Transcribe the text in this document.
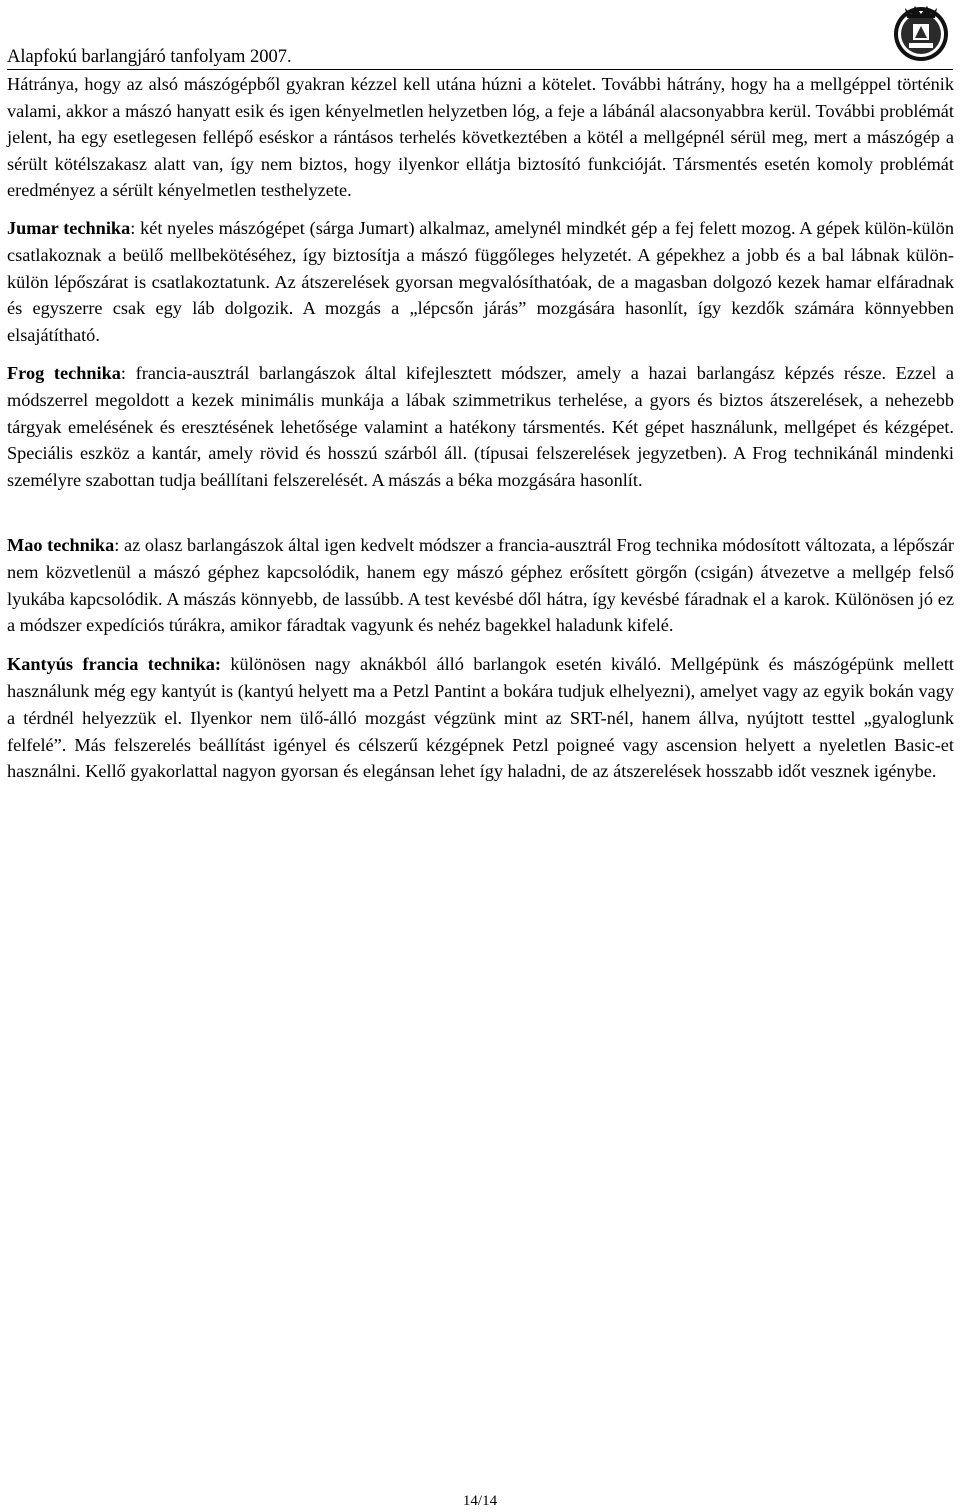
Alapfokú barlangjáró tanfolyam 2007.

Hátránya, hogy az alsó mászógépből gyakran kézzel kell utána húzni a kötelet. További hátrány, hogy ha a mellgéppel történik valami, akkor a mászó hanyatt esik és igen kényelmetlen helyzetben lóg, a feje a lábánál alacsonyabbra kerül. További problémát jelent, ha egy esetlegesen fellépő eséskor a rántásos terhelés következtében a kötél a mellgépnél sérül meg, mert a mászógép a sérült kötélszakasz alatt van, így nem biztos, hogy ilyenkor ellátja biztosító funkcióját. Társmentés esetén komoly problémát eredményez a sérült kényelmetlen testhelyzete.

Jumar technika: két nyeles mászógépet (sárga Jumart) alkalmaz, amelynél mindkét gép a fej felett mozog. A gépek külön-külön csatlakoznak a beülő mellbekötéséhez, így biztosítja a mászó függőleges helyzetét. A gépekhez a jobb és a bal lábnak külön-külön lépőszárat is csatlakoztatunk. Az átszerelések gyorsan megvalósíthatóak, de a magasban dolgozó kezek hamar elfáradnak és egyszerre csak egy láb dolgozik. A mozgás a „lépcsőn járás” mozgására hasonlít, így kezdők számára könnyebben elsajátítható.

Frog technika: francia-ausztrál barlangászok által kifejlesztett módszer, amely a hazai barlangász képzés része. Ezzel a módszerrel megoldott a kezek minimális munkája a lábak szimmetrikus terhelése, a gyors és biztos átszerelések, a nehezebb tárgyak emelésének és eresztésének lehetősége valamint a hatékony társmentés. Két gépet használunk, mellgépet és kézgépet. Speciális eszköz a kantár, amely rövid és hosszú szárból áll. (típusai felszerelések jegyzetben). A Frog technikánál mindenki személyre szabottan tudja beállítani felszerelését. A mászás a béka mozgására hasonlít.

Mao technika: az olasz barlangászok által igen kedvelt módszer a francia-ausztrál Frog technika módosított változata, a lépőszár nem közvetlenül a mászó géphez kapcsolódik, hanem egy mászó géphez erősített görgőn (csigán) átvezetve a mellgép felső lyukába kapcsolódik. A mászás könnyebb, de lassúbb. A test kevésbé dől hátra, így kevésbé fáradnak el a karok. Különösen jó ez a módszer expedíciós túrákra, amikor fáradtak vagyunk és nehéz bagekkel haladunk kifelé.

Kantyús francia technika: különösen nagy aknákból álló barlangok esetén kiváló. Mellgépünk és mászógépünk mellett használunk még egy kantyút is (kantyú helyett ma a Petzl Pantint a bokára tudjuk elhelyezni), amelyet vagy az egyik bokán vagy a térdnél helyezzük el. Ilyenkor nem ülő-álló mozgást végzünk mint az SRT-nél, hanem állva, nyújtott testtel „gyaloglunk felfelé”. Más felszerelés beállítást igényel és célszerű kézgépnek Petzl poigneé vagy ascension helyett a nyeletlen Basic-et használni. Kellő gyakorlattal nagyon gyorsan és elegánsan lehet így haladni, de az átszerelések hosszabb időt vesznek igénybe.

14/14
